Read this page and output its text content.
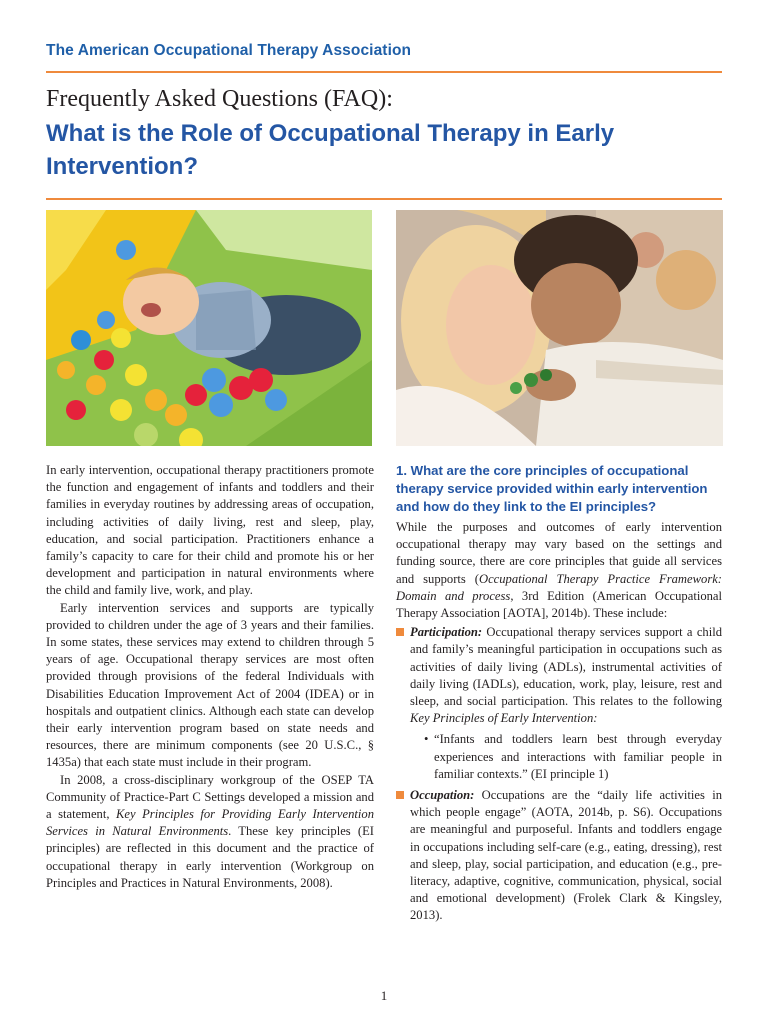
The American Occupational Therapy Association
Frequently Asked Questions (FAQ):
What is the Role of Occupational Therapy in Early Intervention?

In early intervention, occupational therapy practitioners promote the function and engagement of infants and toddlers and their families in everyday routines by addressing areas of occupation, including activities of daily living, rest and sleep, play, education, and social participation. Practitioners enhance a family’s capacity to care for their child and promote his or her development and participation in natural environments where the child and family live, work, and play.

Early intervention services and supports are typically provided to children under the age of 3 years and their families. In some states, these services may extend to children through 5 years of age. Occupational therapy services are most often provided through provisions of the federal Individuals with Disabilities Education Improvement Act of 2004 (IDEA) or in hospitals and outpatient clinics. Although each state can develop their early intervention program based on state needs and resources, there are minimum components (see 20 U.S.C., § 1435a) that each state must include in their program.

In 2008, a cross-disciplinary workgroup of the OSEP TA Community of Practice-Part C Settings developed a mission and a statement, Key Principles for Providing Early Intervention Services in Natural Environments. These key principles (EI principles) are reflected in this document and the practice of occupational therapy in early intervention (Workgroup on Principles and Practices in Natural Environments, 2008).

1. What are the core principles of occupational therapy service provided within early intervention and how do they link to the EI principles?

While the purposes and outcomes of early intervention occupational therapy may vary based on the settings and funding source, there are core principles that guide all services and supports (Occupational Therapy Practice Framework: Domain and process, 3rd Edition (American Occupational Therapy Association [AOTA], 2014b). These include:

Participation: Occupational therapy services support a child and family’s meaningful participation in occupations such as activities of daily living (ADLs), instrumental activities of daily living (IADLs), education, work, play, leisure, rest and sleep, and social participation. This relates to the following Key Principles of Early Intervention:

• “Infants and toddlers learn best through everyday experiences and interactions with familiar people in familiar contexts.” (EI principle 1)

Occupation: Occupations are the “daily life activities in which people engage” (AOTA, 2014b, p. S6). Occupations are meaningful and purposeful. Infants and toddlers engage in occupations including self-care (e.g., eating, dressing), rest and sleep, play, social participation, and education (e.g., pre-literacy, adaptive, cognitive, communication, physical, social and emotional development) (Frolek Clark & Kingsley, 2013).

1
